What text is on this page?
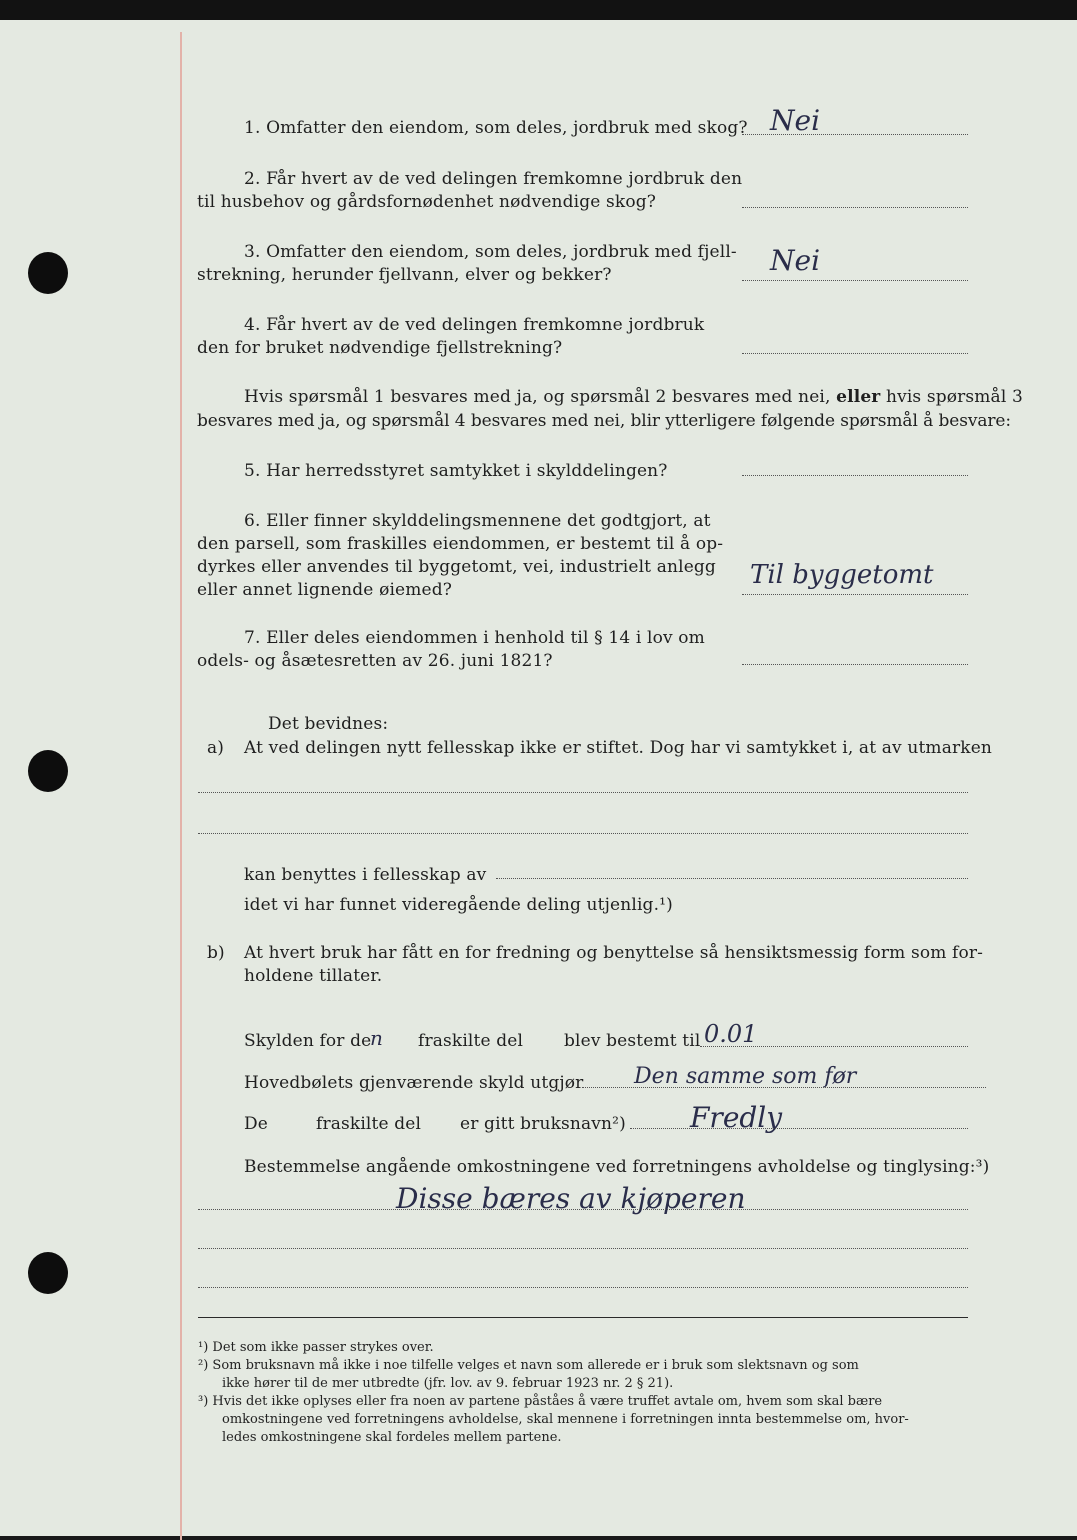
1. Omfatter den eiendom, som deles, jordbruk med skog? Nei
2. Får hvert av de ved delingen fremkomne jordbruk den
til husbehov og gårdsfornødenhet nødvendige skog?
3. Omfatter den eiendom, som deles, jordbruk med fjell-
strekning, herunder fjellvann, elver og bekker?	Nei
4. Får hvert av de ved delingen fremkomne jordbruk
den for bruket nødvendige fjellstrekning?
Hvis spørsmål 1 besvares med ja, og spørsmål 2 besvares med nei, eller hvis spørsmål 3
besvares med ja, og spørsmål 4 besvares med nei, blir ytterligere følgende spørsmål å besvare:
5. Har herredsstyret samtykket i skylddelingen?
6. Eller finner skylddelingsmennene det godtgjort, at
den parsell, som fraskilles eiendommen, er bestemt til å op-
dyrkes eller anvendes til byggetomt, vei, industrielt anlegg
eller annet lignende øiemed?	Til byggetomt
7. Eller deles eiendommen i henhold til § 14 i lov om
odels- og åsætesretten av 26. juni 1821?
Det bevidnes:
a) At ved delingen nytt fellesskap ikke er stiftet. Dog har vi samtykket i, at av utmarken
kan benyttes i fellesskap av
idet vi har funnet videregående deling utjenlig.¹)
b) At hvert bruk har fått en for fredning og benyttelse så hensiktsmessig form som for-
holdene tillater.
Skylden for de
n fraskilte del blev bestemt til 0.01
Hovedbølets gjenværende skyld utgjør Den samme som før
De	fraskilte del er gitt bruksnavn²) Fredly
Bestemmelse angående omkostningene ved forretningens avholdelse og tinglysing:³)
Disse bæres av kjøperen
¹) Det som ikke passer strykes over.
²) Som bruksnavn må ikke i noe tilfelle velges et navn som allerede er i bruk som slektsnavn og som
ikke hører til de mer utbredte (jfr. lov. av 9. februar 1923 nr. 2 § 21).
³) Hvis det ikke oplyses eller fra noen av partene påståes å være truffet avtale om, hvem som skal bære
omkostningene ved forretningens avholdelse, skal mennene i forretningen innta bestemmelse om, hvor-
ledes omkostningene skal fordeles mellem partene.
